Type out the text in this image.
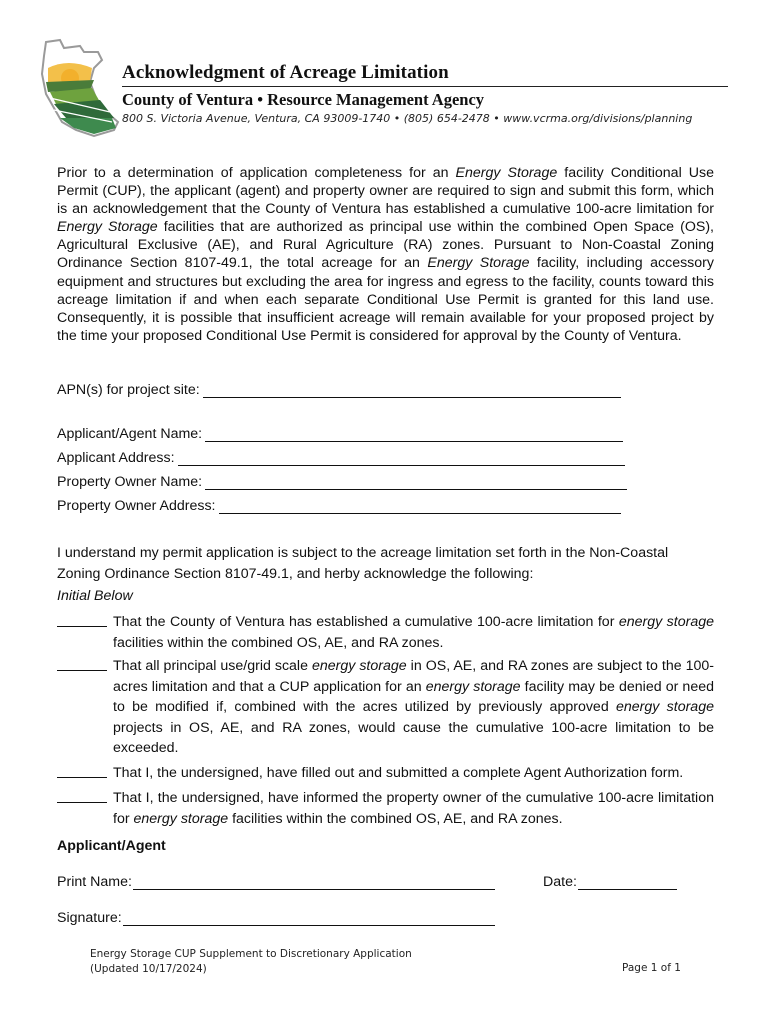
Acknowledgment of Acreage Limitation
County of Ventura • Resource Management Agency
800 S. Victoria Avenue, Ventura, CA 93009-1740 • (805) 654-2478 • www.vcrma.org/divisions/planning
Prior to a determination of application completeness for an Energy Storage facility Conditional Use Permit (CUP), the applicant (agent) and property owner are required to sign and submit this form, which is an acknowledgement that the County of Ventura has established a cumulative 100-acre limitation for Energy Storage facilities that are authorized as principal use within the combined Open Space (OS), Agricultural Exclusive (AE), and Rural Agriculture (RA) zones. Pursuant to Non-Coastal Zoning Ordinance Section 8107-49.1, the total acreage for an Energy Storage facility, including accessory equipment and structures but excluding the area for ingress and egress to the facility, counts toward this acreage limitation if and when each separate Conditional Use Permit is granted for this land use. Consequently, it is possible that insufficient acreage will remain available for your proposed project by the time your proposed Conditional Use Permit is considered for approval by the County of Ventura.
APN(s) for project site:
Applicant/Agent Name:
Applicant Address:
Property Owner Name:
Property Owner Address:
I understand my permit application is subject to the acreage limitation set forth in the Non-Coastal Zoning Ordinance Section 8107-49.1, and herby acknowledge the following:
Initial Below
That the County of Ventura has established a cumulative 100-acre limitation for energy storage facilities within the combined OS, AE, and RA zones.
That all principal use/grid scale energy storage in OS, AE, and RA zones are subject to the 100-acres limitation and that a CUP application for an energy storage facility may be denied or need to be modified if, combined with the acres utilized by previously approved energy storage projects in OS, AE, and RA zones, would cause the cumulative 100-acre limitation to be exceeded.
That I, the undersigned, have filled out and submitted a complete Agent Authorization form.
That I, the undersigned, have informed the property owner of the cumulative 100-acre limitation for energy storage facilities within the combined OS, AE, and RA zones.
Applicant/Agent
Print Name:	Date:
Signature:
Energy Storage CUP Supplement to Discretionary Application
(Updated 10/17/2024)	Page 1 of 1
